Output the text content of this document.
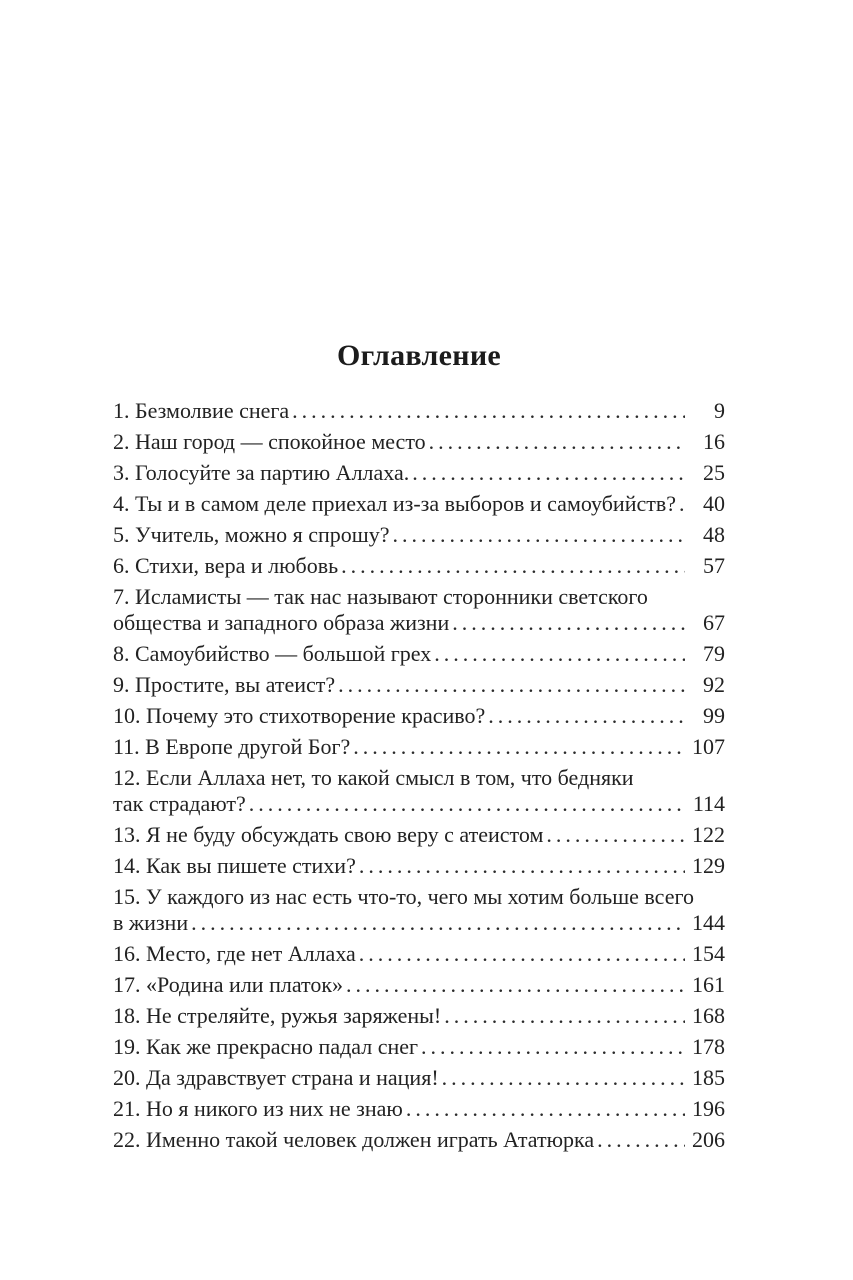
Оглавление
1. Безмолвие снега .....	9
2. Наш город — спокойное место .....	16
3. Голосуйте за партию Аллаха. .....	25
4. Ты и в самом деле приехал из-за выборов и самоубийств? .....	40
5. Учитель, можно я спрошу? .....	48
6. Стихи, вера и любовь .....	57
7. Исламисты — так нас называют сторонники светского
общества и западного образа жизни .....	67
8. Самоубийство — большой грех .....	79
9. Простите, вы атеист? .....	92
10. Почему это стихотворение красиво? .....	99
11. В Европе другой Бог? .....	107
12. Если Аллаха нет, то какой смысл в том, что бедняки
так страдают? .....	114
13. Я не буду обсуждать свою веру с атеистом .....	122
14. Как вы пишете стихи? .....	129
15. У каждого из нас есть что-то, чего мы хотим больше всего
в жизни .....	144
16. Место, где нет Аллаха .....	154
17. «Родина или платок» .....	161
18. Не стреляйте, ружья заряжены! .....	168
19. Как же прекрасно падал снег .....	178
20. Да здравствует страна и нация! .....	185
21. Но я никого из них не знаю .....	196
22. Именно такой человек должен играть Ататюрка .....	206
